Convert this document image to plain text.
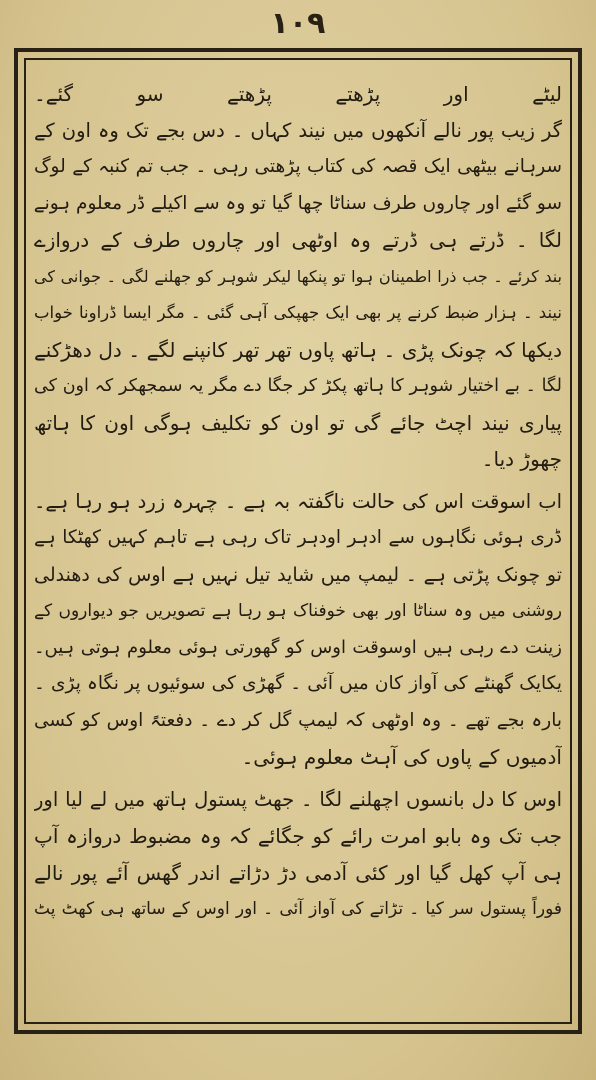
۱۰۹
لیٹے اور پڑھتے پڑھتے سو گئے۔
گر زیب پور نالے آنکھوں میں نیند کہاں ۔ دس بجے تک وہ اون کے
سرہانے بیٹھی ایک قصہ کی کتاب پڑھتی رہی ۔ جب تم کنبہ کے لوگ
سو گئے اور چاروں طرف سناٹا چھا گیا تو وہ سے اکیلے ڈر معلوم ہونے
لگا ۔ ڈرتے ہی ڈرتے وہ اوٹھی اور چاروں طرف کے دروازے
بند کرئے ۔ جب ذرا اطمینان ہوا تو پنکھا لیکر شوہر کو جھلنے لگی ۔ جوانی کی
نیند ۔ ہزار ضبط کرنے پر بھی ایک جھپکی آہی گئی ۔ مگر ایسا ڈراونا خواب
دیکھا کہ چونک پڑی ۔ ہاتھ پاوں تھر تھر کانپنے لگے ۔ دل دھڑکنے
لگا ۔ بے اختیار شوہر کا ہاتھ پکڑ کر جگا دے مگر یہ سمجھکر کہ اون کی
پیاری نیند اچٹ جائے گی تو اون کو تکلیف ہوگی اون کا ہاتھ
چھوڑ دیا۔
اب اسوقت اس کی حالت ناگفتہ بہ ہے ۔ چہرہ زرد ہو رہا ہے۔
ڈری ہوئی نگاہوں سے ادہر اودہر تاک رہی ہے تاہم کہیں کھٹکا ہے
تو چونک پڑتی ہے ۔ لیمپ میں شاید تیل نہیں ہے اوس کی دھندلی
روشنی میں وہ سناٹا اور بھی خوفناک ہو رہا ہے تصویریں جو دیواروں کے
زینت دے رہی ہیں اوسوقت اوس کو گھورتی ہوئی معلوم ہوتی ہیں۔
یکایک گھنٹے کی آواز کان میں آئی ۔ گھڑی کی سوئیوں پر نگاہ پڑی ۔
بارہ بجے تھے ۔ وہ اوٹھی کہ لیمپ گل کر دے ۔ دفعتہً اوس کو کسی
آدمیوں کے پاوں کی آہٹ معلوم ہوئی۔
اوس کا دل بانسوں اچھلنے لگا ۔ جھٹ پستول ہاتھ میں لے لیا اور
جب تک وہ بابو امرت رائے کو جگائے کہ وہ مضبوط دروازہ آپ
ہی آپ کھل گیا اور کئی آدمی دڑ دڑاتے اندر گھس آئے پور نالے
فوراً پستول سر کیا ۔ تڑاتے کی آواز آئی ۔ اور اوس کے ساتھ ہی کھٹ پٹ
